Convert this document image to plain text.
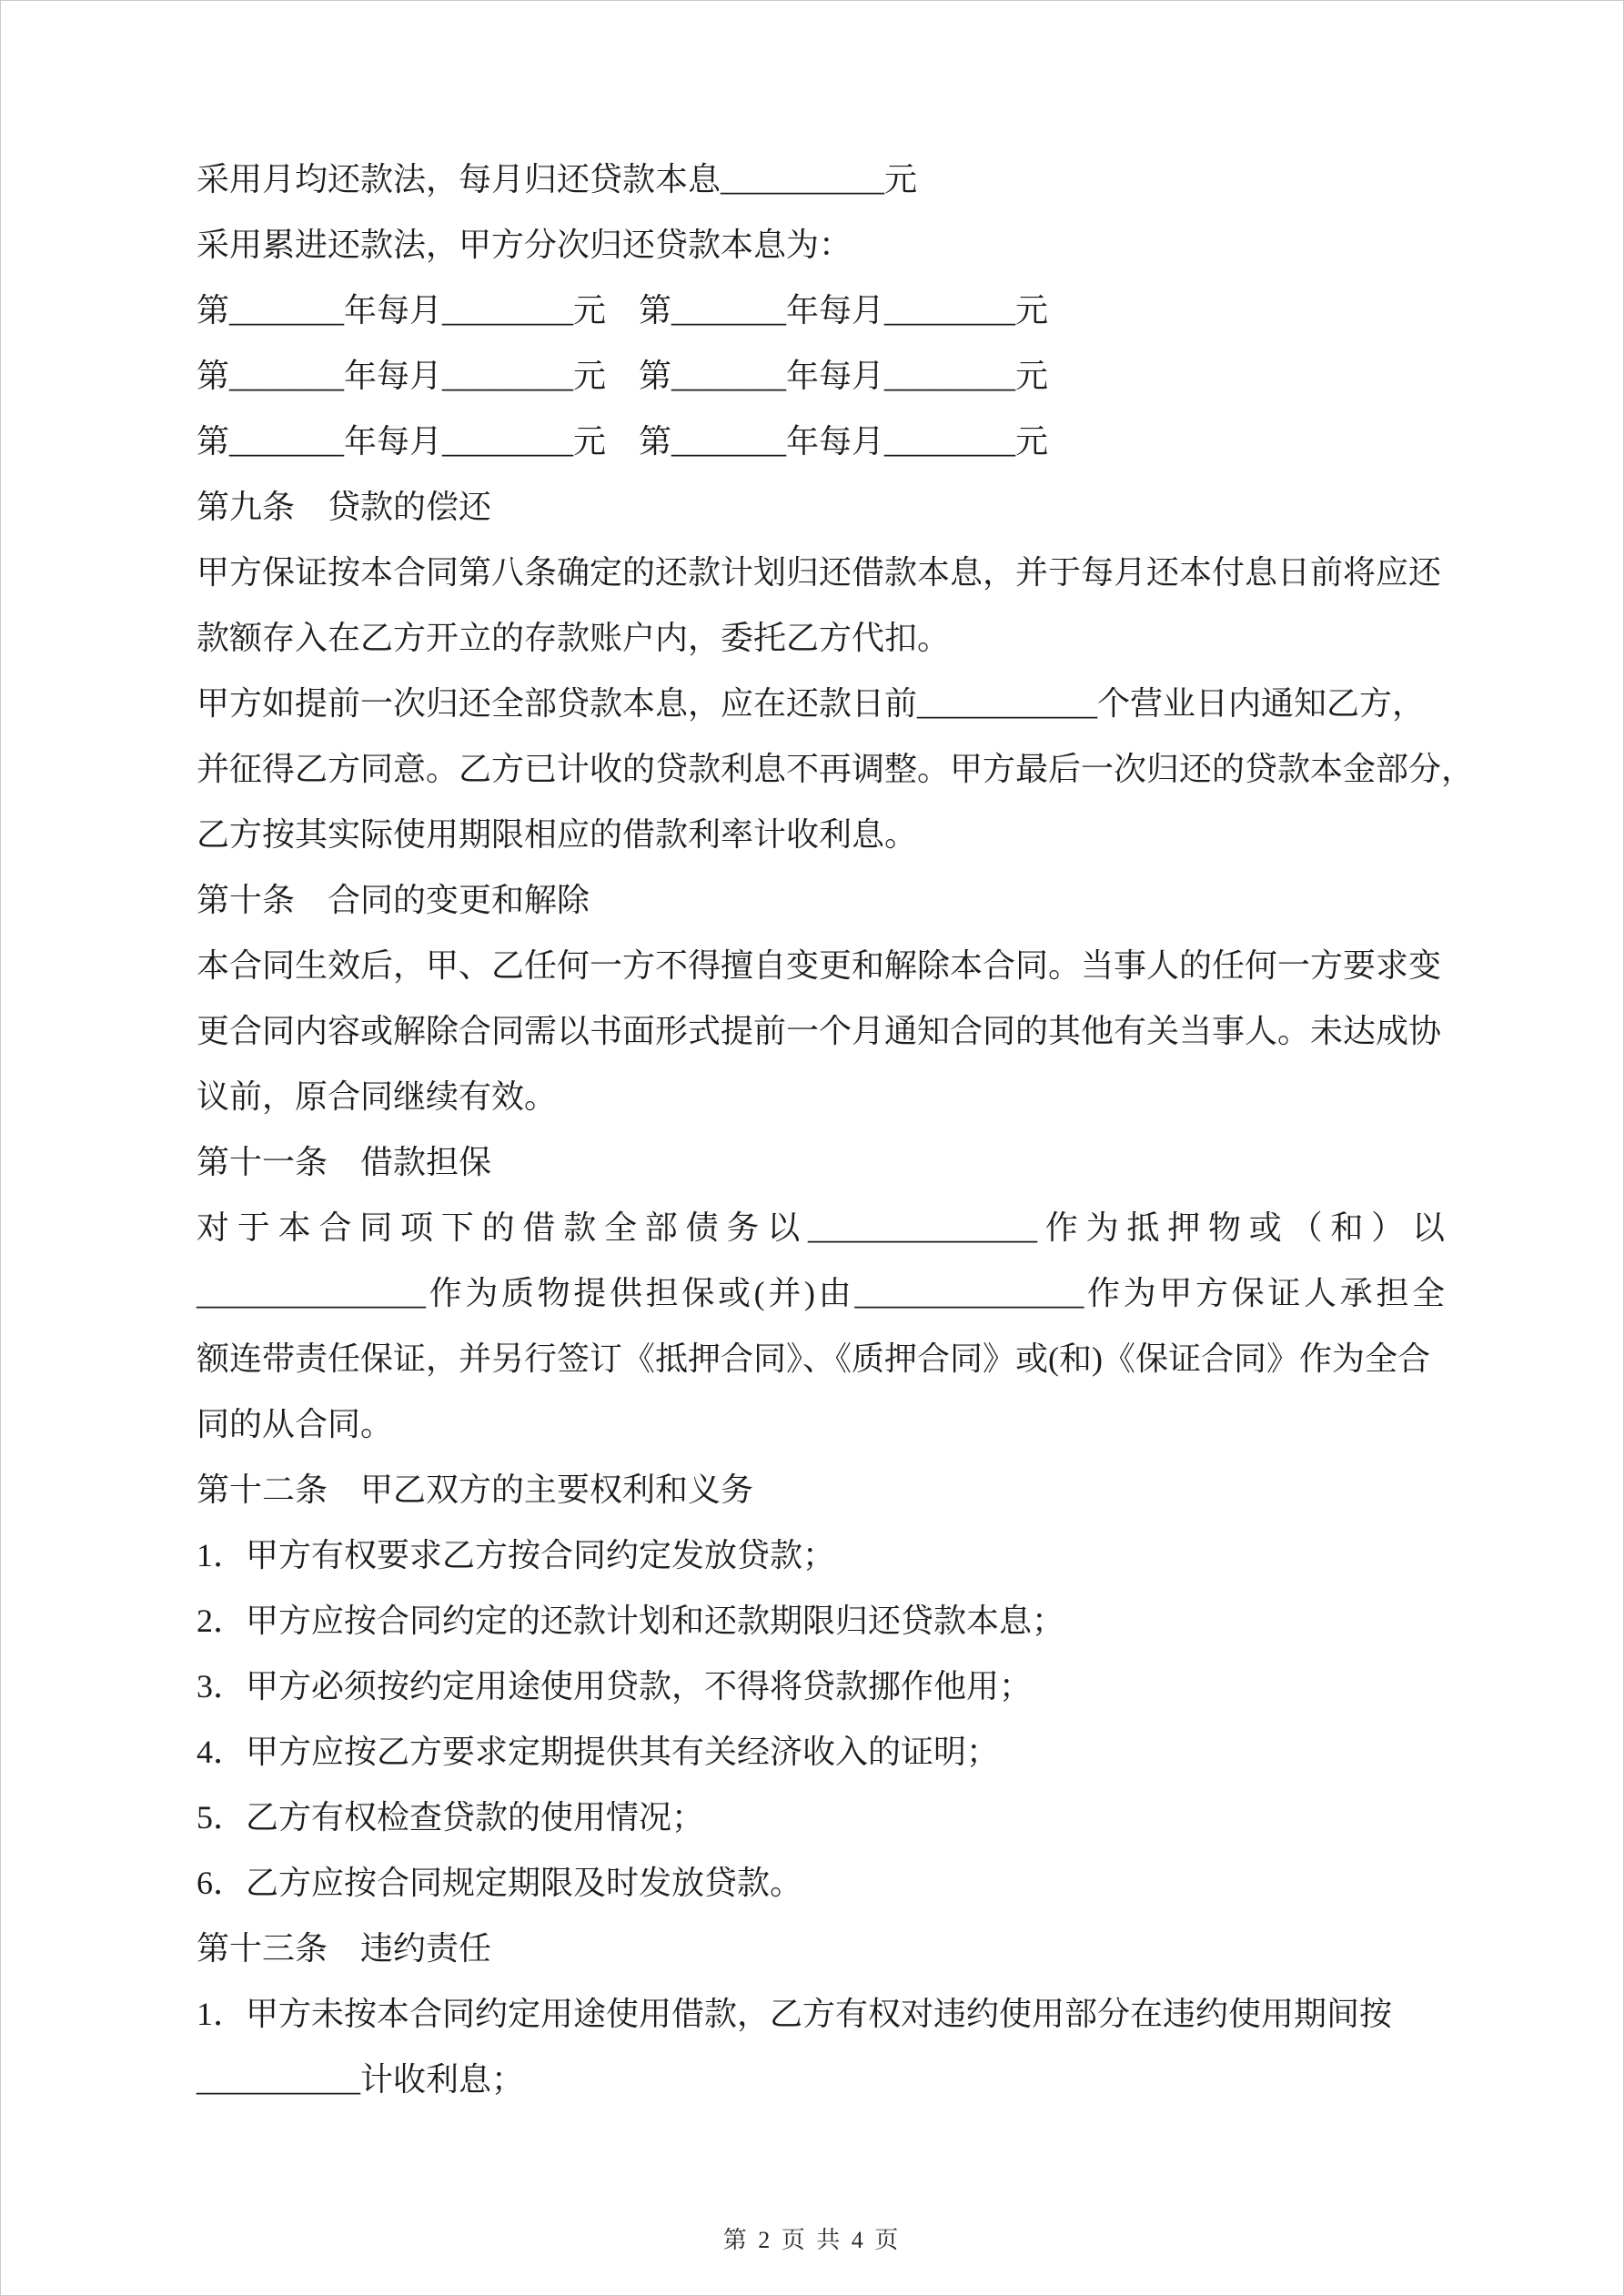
采用月均还款法，每月归还贷款本息__________元
采用累进还款法，甲方分次归还贷款本息为：
第_______年每月________元　第_______年每月________元
第_______年每月________元　第_______年每月________元
第_______年每月________元　第_______年每月________元
第九条　贷款的偿还
甲方保证按本合同第八条确定的还款计划归还借款本息，并于每月还本付息日前将应还
款额存入在乙方开立的存款账户内，委托乙方代扣。
甲方如提前一次归还全部贷款本息，应在还款日前___________个营业日内通知乙方，
并征得乙方同意。乙方已计收的贷款利息不再调整。甲方最后一次归还的贷款本金部分，
乙方按其实际使用期限相应的借款利率计收利息。
第十条　合同的变更和解除
本合同生效后，甲、乙任何一方不得擅自变更和解除本合同。当事人的任何一方要求变
更合同内容或解除合同需以书面形式提前一个月通知合同的其他有关当事人。未达成协
议前，原合同继续有效。
第十一条　借款担保
对于本合同项下的借款全部债务以______________作为抵押物或（和）以
______________作为质物提供担保或(并)由______________作为甲方保证人承担全
额连带责任保证，并另行签订《抵押合同》、《质押合同》或(和)《保证合同》作为全合
同的从合同。
第十二条　甲乙双方的主要权利和义务
1．甲方有权要求乙方按合同约定发放贷款；
2．甲方应按合同约定的还款计划和还款期限归还贷款本息；
3．甲方必须按约定用途使用贷款，不得将贷款挪作他用；
4．甲方应按乙方要求定期提供其有关经济收入的证明；
5．乙方有权检查贷款的使用情况；
6．乙方应按合同规定期限及时发放贷款。
第十三条　违约责任
1．甲方未按本合同约定用途使用借款，乙方有权对违约使用部分在违约使用期间按
__________计收利息；
第 2 页 共 4 页
